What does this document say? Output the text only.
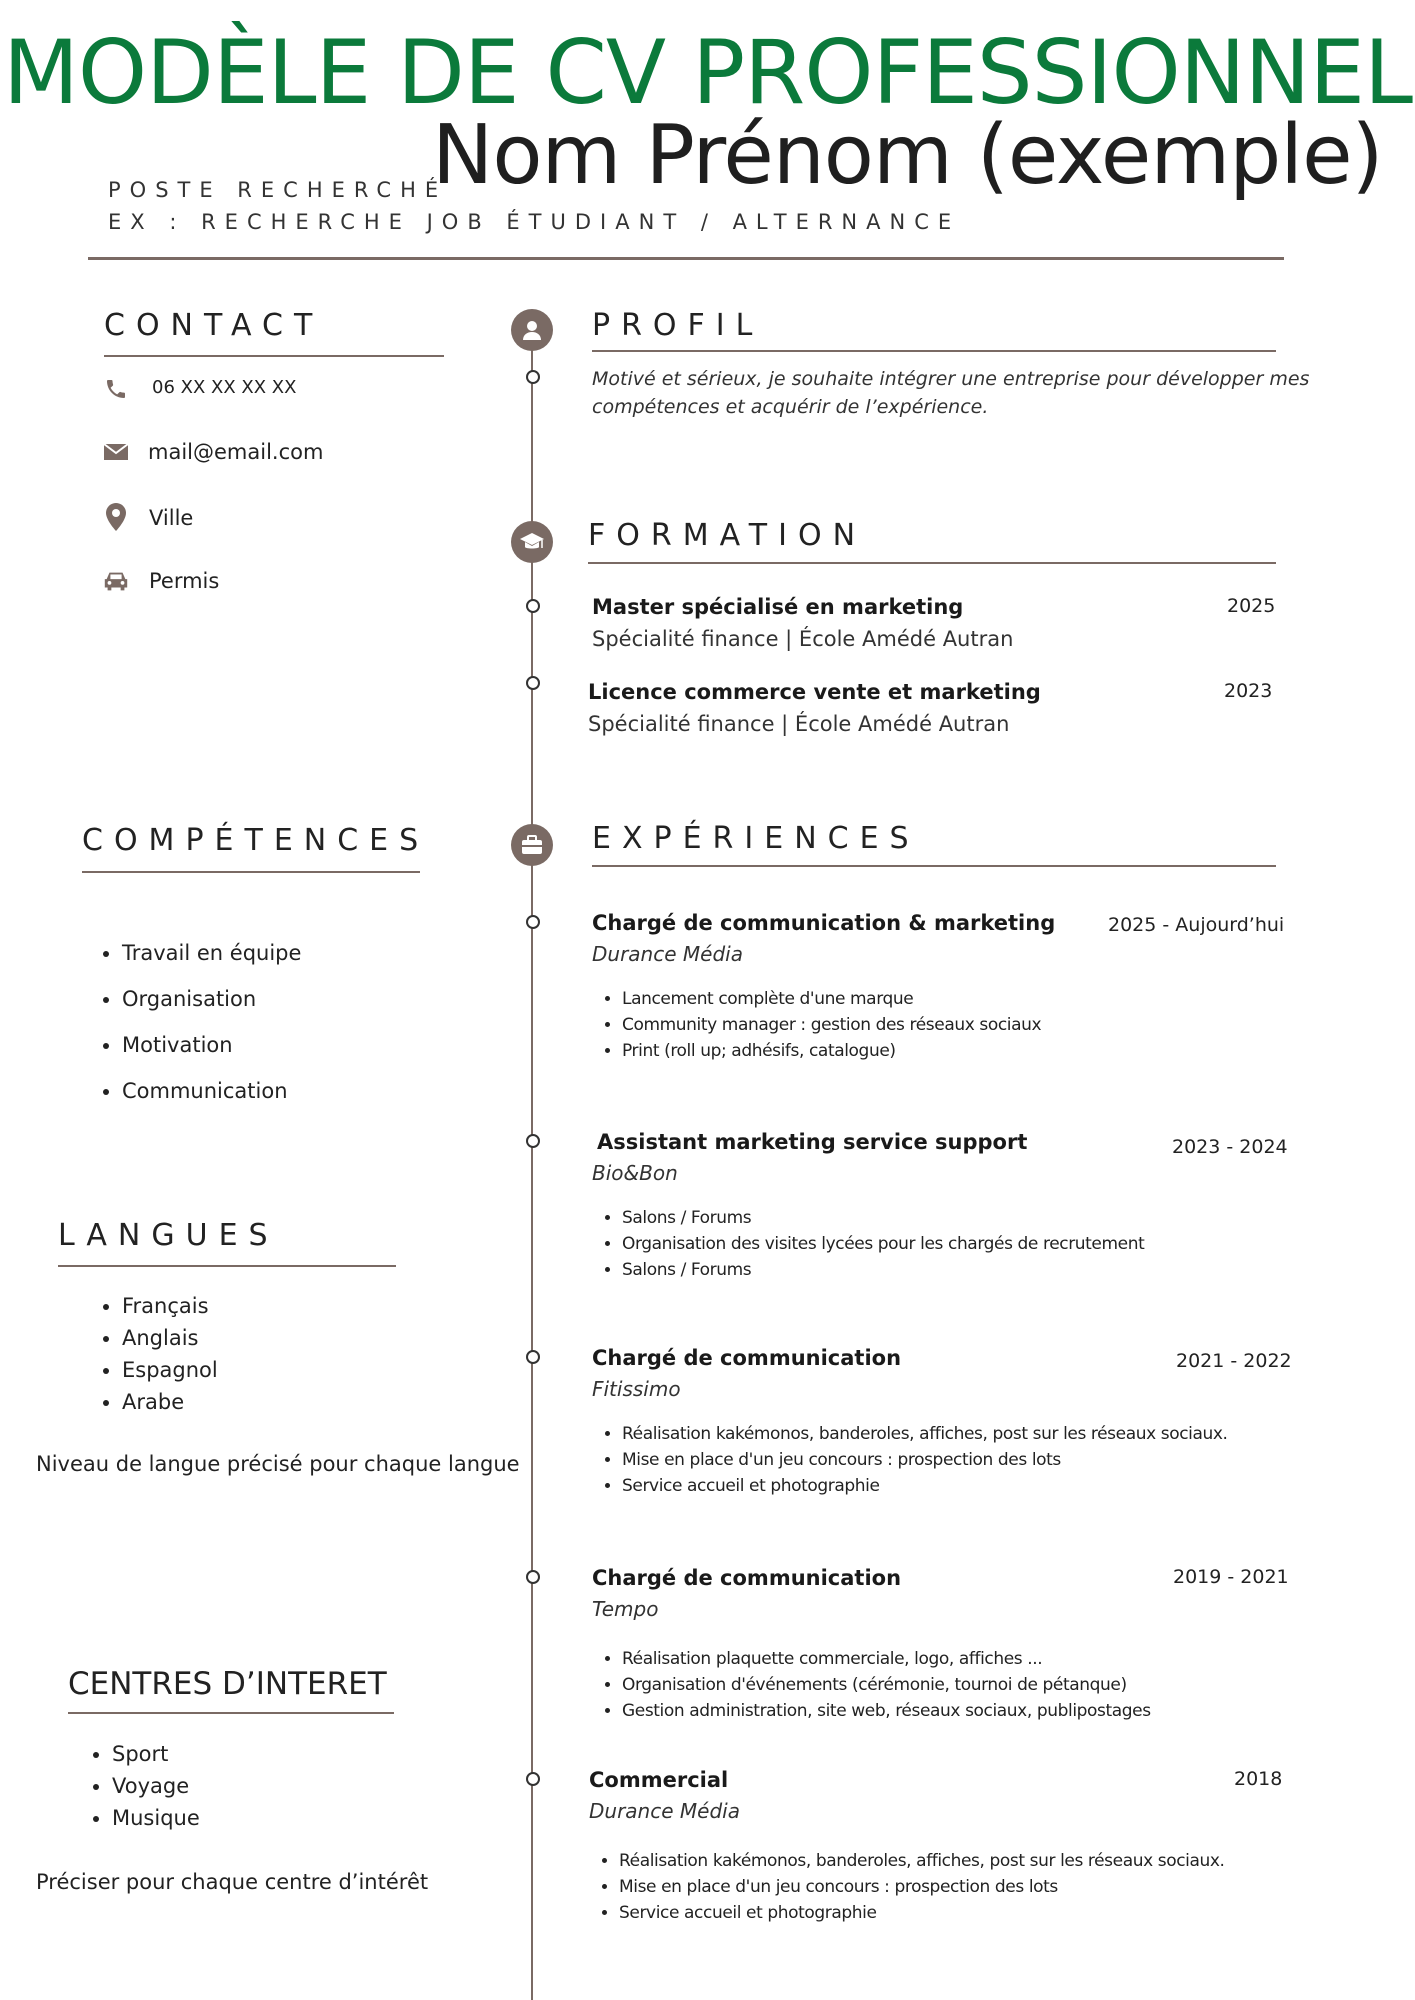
MODÈLE DE CV PROFESSIONNEL
Nom Prénom (exemple)
POSTE RECHERCHÉ
EX : RECHERCHE JOB ÉTUDIANT / ALTERNANCE
CONTACT
06 XX XX XX XX
mail@email.com
Ville
Permis
COMPÉTENCES
• Travail en équipe
• Organisation
• Motivation
• Communication
LANGUES
• Français
• Anglais
• Espagnol
• Arabe
Niveau de langue précisé pour chaque langue
CENTRES D’INTERET
• Sport
• Voyage
• Musique
Préciser pour chaque centre d’intérêt
PROFIL
Motivé et sérieux, je souhaite intégrer une entreprise pour développer mes
compétences et acquérir de l’expérience.
FORMATION
Master spécialisé en marketing
Spécialité finance | École Amédé Autran
2025
Licence commerce vente et marketing
Spécialité finance | École Amédé Autran
2023
EXPÉRIENCES
Chargé de communication & marketing
Durance Média
2025 - Aujourd’hui
• Lancement complète d'une marque
• Community manager : gestion des réseaux sociaux
• Print (roll up; adhésifs, catalogue)
Assistant marketing service support
Bio&Bon
2023 - 2024
• Salons / Forums
• Organisation des visites lycées pour les chargés de recrutement
• Salons / Forums
Chargé de communication
Fitissimo
2021 - 2022
• Réalisation kakémonos, banderoles, affiches, post sur les réseaux sociaux.
• Mise en place d'un jeu concours : prospection des lots
• Service accueil et photographie
Chargé de communication
Tempo
2019 - 2021
• Réalisation plaquette commerciale, logo, affiches ...
• Organisation d'événements (cérémonie, tournoi de pétanque)
• Gestion administration, site web, réseaux sociaux, publipostages
Commercial
Durance Média
2018
• Réalisation kakémonos, banderoles, affiches, post sur les réseaux sociaux.
• Mise en place d'un jeu concours : prospection des lots
• Service accueil et photographie
